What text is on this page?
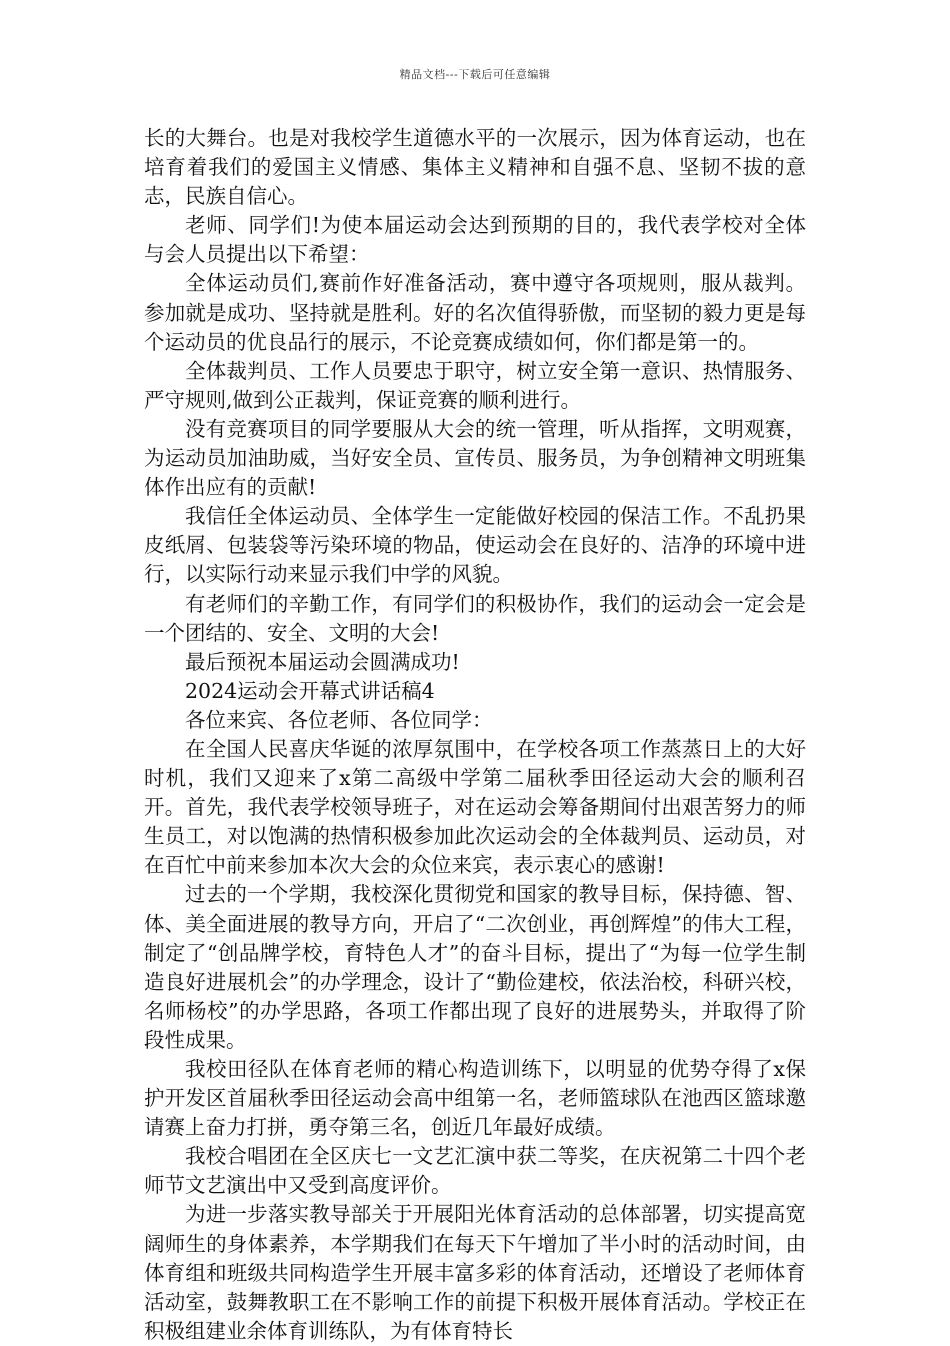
精品文档---下载后可任意编辑

长的大舞台。也是对我校学生道德水平的一次展示，因为体育运动，也在培育着我们的爱国主义情感、集体主义精神和自强不息、坚韧不拔的意志，民族自信心。

老师、同学们!为使本届运动会达到预期的目的，我代表学校对全体与会人员提出以下希望：

全体运动员们,赛前作好准备活动，赛中遵守各项规则，服从裁判。参加就是成功、坚持就是胜利。好的名次值得骄傲，而坚韧的毅力更是每个运动员的优良品行的展示，不论竞赛成绩如何，你们都是第一的。

全体裁判员、工作人员要忠于职守，树立安全第一意识、热情服务、严守规则,做到公正裁判，保证竞赛的顺利进行。

没有竞赛项目的同学要服从大会的统一管理，听从指挥，文明观赛，为运动员加油助威，当好安全员、宣传员、服务员，为争创精神文明班集体作出应有的贡献!

我信任全体运动员、全体学生一定能做好校园的保洁工作。不乱扔果皮纸屑、包装袋等污染环境的物品，使运动会在良好的、洁净的环境中进行，以实际行动来显示我们中学的风貌。

有老师们的辛勤工作，有同学们的积极协作，我们的运动会一定会是一个团结的、安全、文明的大会!

最后预祝本届运动会圆满成功!

2024运动会开幕式讲话稿4

各位来宾、各位老师、各位同学：

在全国人民喜庆华诞的浓厚氛围中，在学校各项工作蒸蒸日上的大好时机，我们又迎来了x第二高级中学第二届秋季田径运动大会的顺利召开。首先，我代表学校领导班子，对在运动会筹备期间付出艰苦努力的师生员工，对以饱满的热情积极参加此次运动会的全体裁判员、运动员，对在百忙中前来参加本次大会的众位来宾，表示衷心的感谢!

过去的一个学期，我校深化贯彻党和国家的教导目标，保持德、智、体、美全面进展的教导方向，开启了“二次创业，再创辉煌”的伟大工程，制定了“创品牌学校，育特色人才”的奋斗目标，提出了“为每一位学生制造良好进展机会”的办学理念，设计了“勤俭建校，依法治校，科研兴校，名师杨校”的办学思路，各项工作都出现了良好的进展势头，并取得了阶段性成果。

我校田径队在体育老师的精心构造训练下，以明显的优势夺得了x保护开发区首届秋季田径运动会高中组第一名，老师篮球队在池西区篮球邀请赛上奋力打拼，勇夺第三名，创近几年最好成绩。

我校合唱团在全区庆七一文艺汇演中获二等奖，在庆祝第二十四个老师节文艺演出中又受到高度评价。

为进一步落实教导部关于开展阳光体育活动的总体部署，切实提高宽阔师生的身体素养，本学期我们在每天下午增加了半小时的活动时间，由体育组和班级共同构造学生开展丰富多彩的体育活动，还增设了老师体育活动室，鼓舞教职工在不影响工作的前提下积极开展体育活动。学校正在积极组建业余体育训练队，为有体育特长
